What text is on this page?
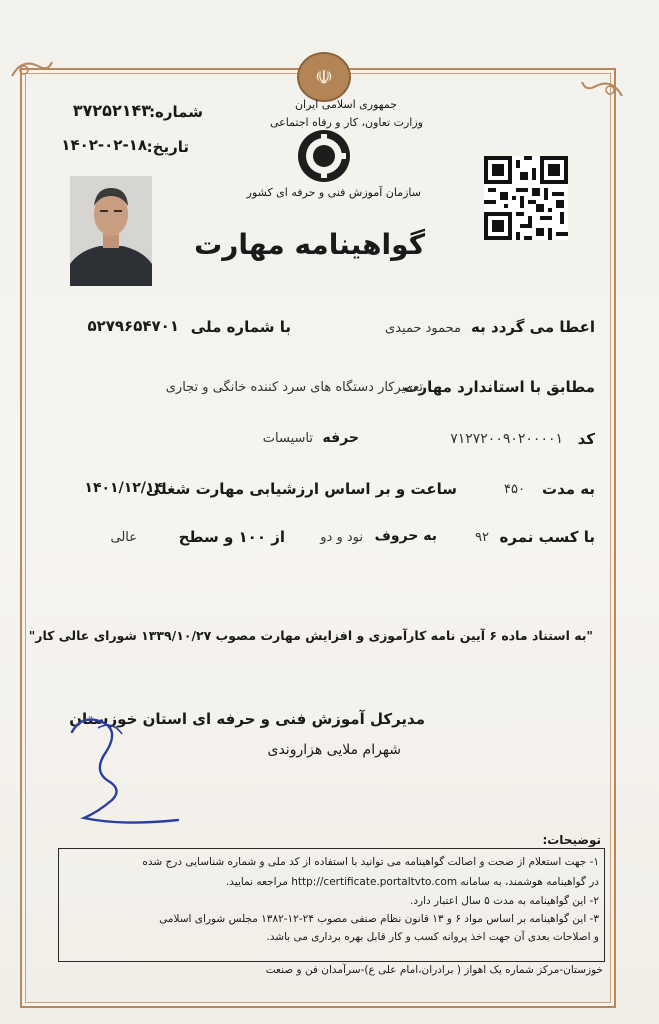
☫
شماره:
۳۷۲۵۲۱۴۳
تاریخ:
۱۴۰۲-۰۲-۱۸
جمهوری اسلامی ایران
وزارت تعاون، کار و رفاه اجتماعی
سازمان آموزش فنی و حرفه ای کشور
گواهینامه مهارت
اعطا می گردد به
محمود حمیدی
با شماره ملی
۵۲۷۹۶۵۴۷۰۱
مطابق با استاندارد مهارت
تعمیرکار دستگاه های سرد کننده خانگی و تجاری
کد
۷۱۲۷۲۰۰۹۰۲۰۰۰۰۱
حرفه
تاسیسات
به مدت
۴۵۰
ساعت و بر اساس ارزشیابی مهارت شغلی
۱۴۰۱/۱۲/۱۴
با کسب نمره
۹۲
به حروف
نود و دو
از ۱۰۰ و سطح
عالی
"به استناد ماده ۶ آیین نامه کارآموزی و افزایش مهارت مصوب ۱۳۳۹/۱۰/۲۷ شورای عالی کار"
مدیرکل آموزش فنی و حرفه ای استان خوزستان
شهرام ملایی هزاروندی
توضیحات:
۱- جهت استعلام از صحت و اصالت گواهینامه می توانید با استفاده از کد ملی و شماره شناسایی درج شده
در گواهینامه هوشمند، به سامانه http://certificate.portaltvto.com مراجعه نمایید.
۲- این گواهینامه به مدت ۵ سال اعتبار دارد.
۳- این گواهینامه بر اساس مواد ۶ و ۱۳ قانون نظام صنفی مصوب ۲۴-۱۲-۱۳۸۲ مجلس شورای اسلامی
و اصلاحات بعدی آن جهت اخذ پروانه کسب و کار قابل بهره برداری می باشد.
خوزستان-مرکز شماره یک اهواز ( برادران،امام علی ع)-سرآمدان فن و صنعت
